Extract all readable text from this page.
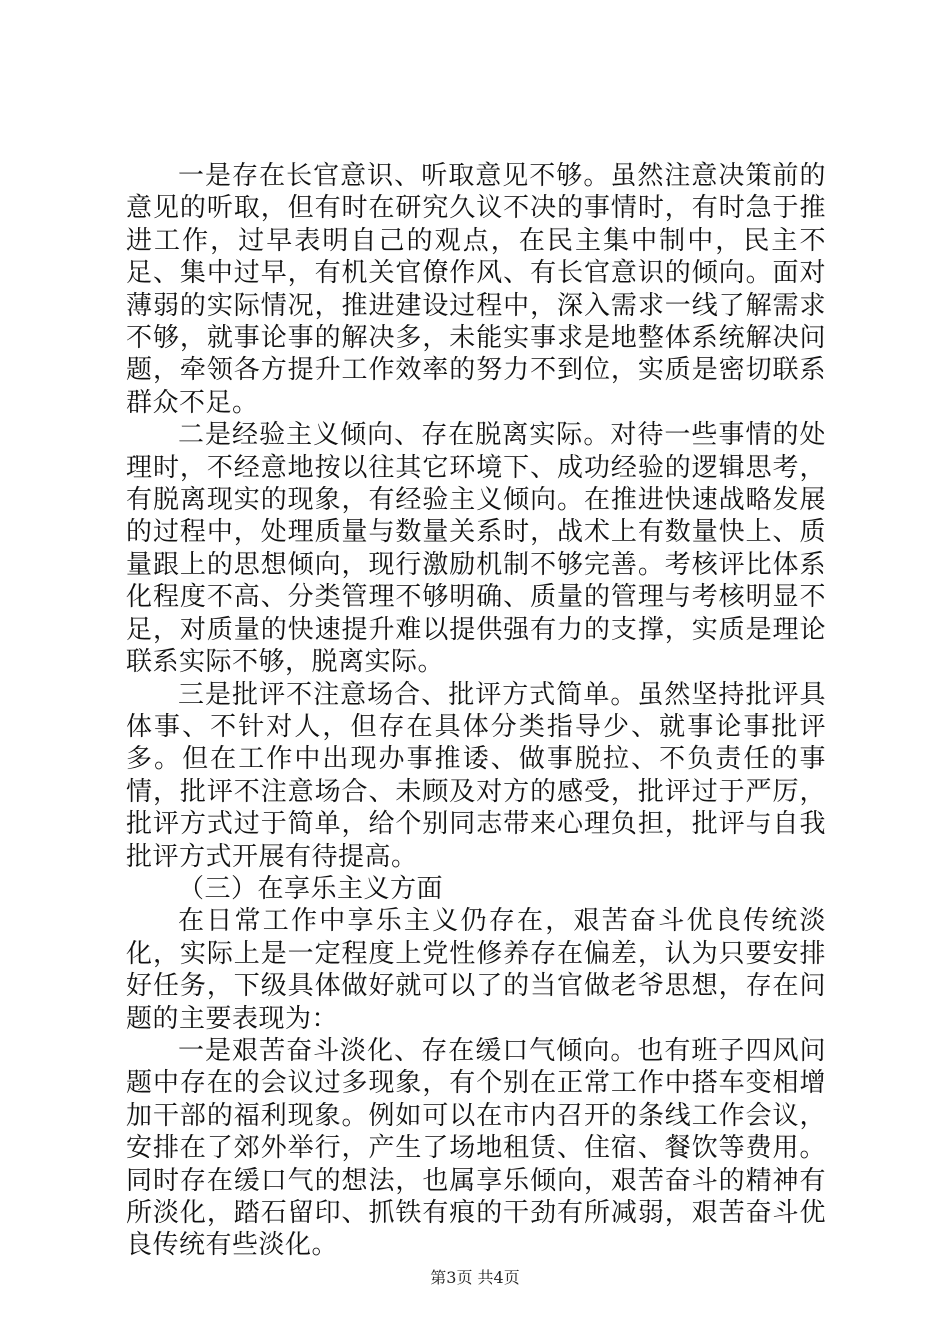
一是存在长官意识、听取意见不够。虽然注意决策前的意见的听取，但有时在研究久议不决的事情时，有时急于推进工作，过早表明自己的观点，在民主集中制中，民主不足、集中过早，有机关官僚作风、有长官意识的倾向。面对薄弱的实际情况，推进建设过程中，深入需求一线了解需求不够，就事论事的解决多，未能实事求是地整体系统解决问题，牵领各方提升工作效率的努力不到位，实质是密切联系群众不足。

二是经验主义倾向、存在脱离实际。对待一些事情的处理时，不经意地按以往其它环境下、成功经验的逻辑思考，有脱离现实的现象，有经验主义倾向。在推进快速战略发展的过程中，处理质量与数量关系时，战术上有数量快上、质量跟上的思想倾向，现行激励机制不够完善。考核评比体系化程度不高、分类管理不够明确、质量的管理与考核明显不足，对质量的快速提升难以提供强有力的支撑，实质是理论联系实际不够，脱离实际。

三是批评不注意场合、批评方式简单。虽然坚持批评具体事、不针对人，但存在具体分类指导少、就事论事批评多。但在工作中出现办事推诿、做事脱拉、不负责任的事情，批评不注意场合、未顾及对方的感受，批评过于严厉，批评方式过于简单，给个别同志带来心理负担，批评与自我批评方式开展有待提高。

（三）在享乐主义方面

在日常工作中享乐主义仍存在，艰苦奋斗优良传统淡化，实际上是一定程度上党性修养存在偏差，认为只要安排好任务，下级具体做好就可以了的当官做老爷思想，存在问题的主要表现为：

一是艰苦奋斗淡化、存在缓口气倾向。也有班子四风问题中存在的会议过多现象，有个别在正常工作中搭车变相增加干部的福利现象。例如可以在市内召开的条线工作会议，安排在了郊外举行，产生了场地租赁、住宿、餐饮等费用。同时存在缓口气的想法，也属享乐倾向，艰苦奋斗的精神有所淡化，踏石留印、抓铁有痕的干劲有所减弱，艰苦奋斗优良传统有些淡化。

第3页 共4页
